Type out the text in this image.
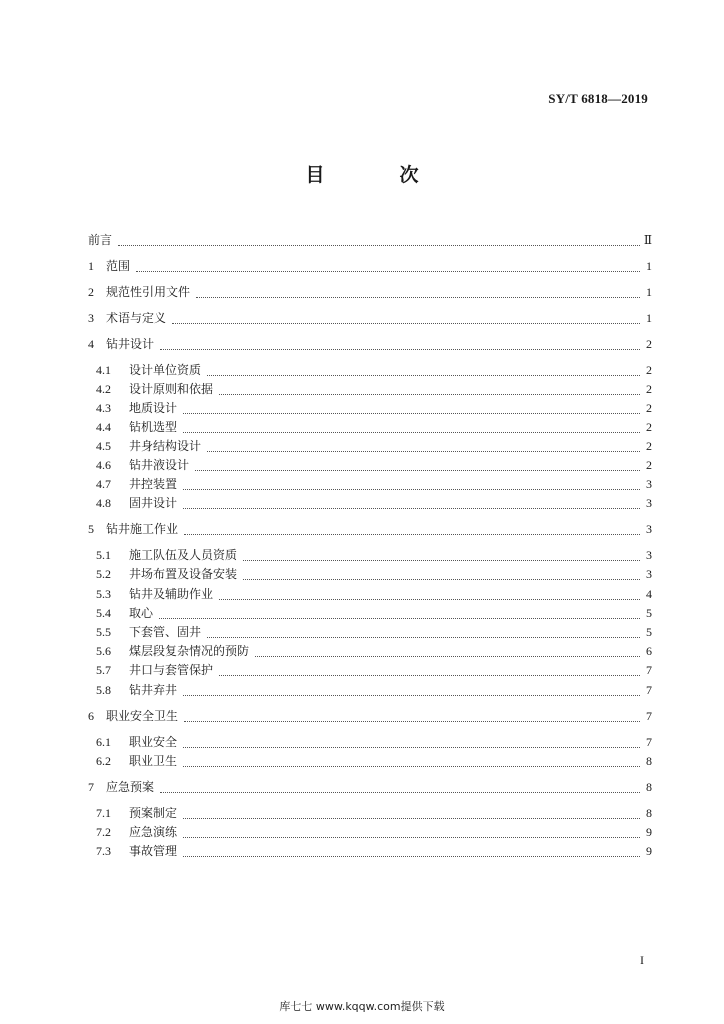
SY/T 6818—2019
目　次
前言	Ⅱ
1	范围	1
2	规范性引用文件	1
3	术语与定义	1
4	钻井设计	2
4.1	设计单位资质	2
4.2	设计原则和依据	2
4.3	地质设计	2
4.4	钻机选型	2
4.5	井身结构设计	2
4.6	钻井液设计	2
4.7	井控装置	3
4.8	固井设计	3
5	钻井施工作业	3
5.1	施工队伍及人员资质	3
5.2	井场布置及设备安装	3
5.3	钻井及辅助作业	4
5.4	取心	5
5.5	下套管、固井	5
5.6	煤层段复杂情况的预防	6
5.7	井口与套管保护	7
5.8	钻井弃井	7
6	职业安全卫生	7
6.1	职业安全	7
6.2	职业卫生	8
7	应急预案	8
7.1	预案制定	8
7.2	应急演练	9
7.3	事故管理	9
I
库七七 www.kqqw.com提供下载
